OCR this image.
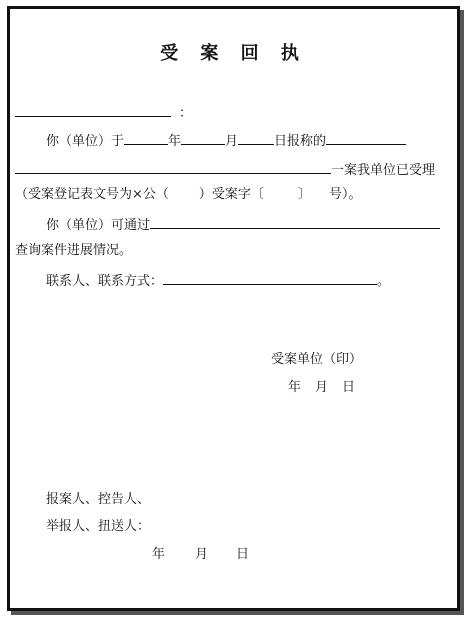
受 案 回 执
：
你（单位）于	年	月	日报称的
一案我单位已受理
（受案登记表文号为×公（ ）受案字〔	〕 号）。
你（单位）可通过
查询案件进展情况。
联系人、联系方式：	。
受案单位（印）
年 月 日
报案人、控告人、
举报人、扭送人：
年 月 日
